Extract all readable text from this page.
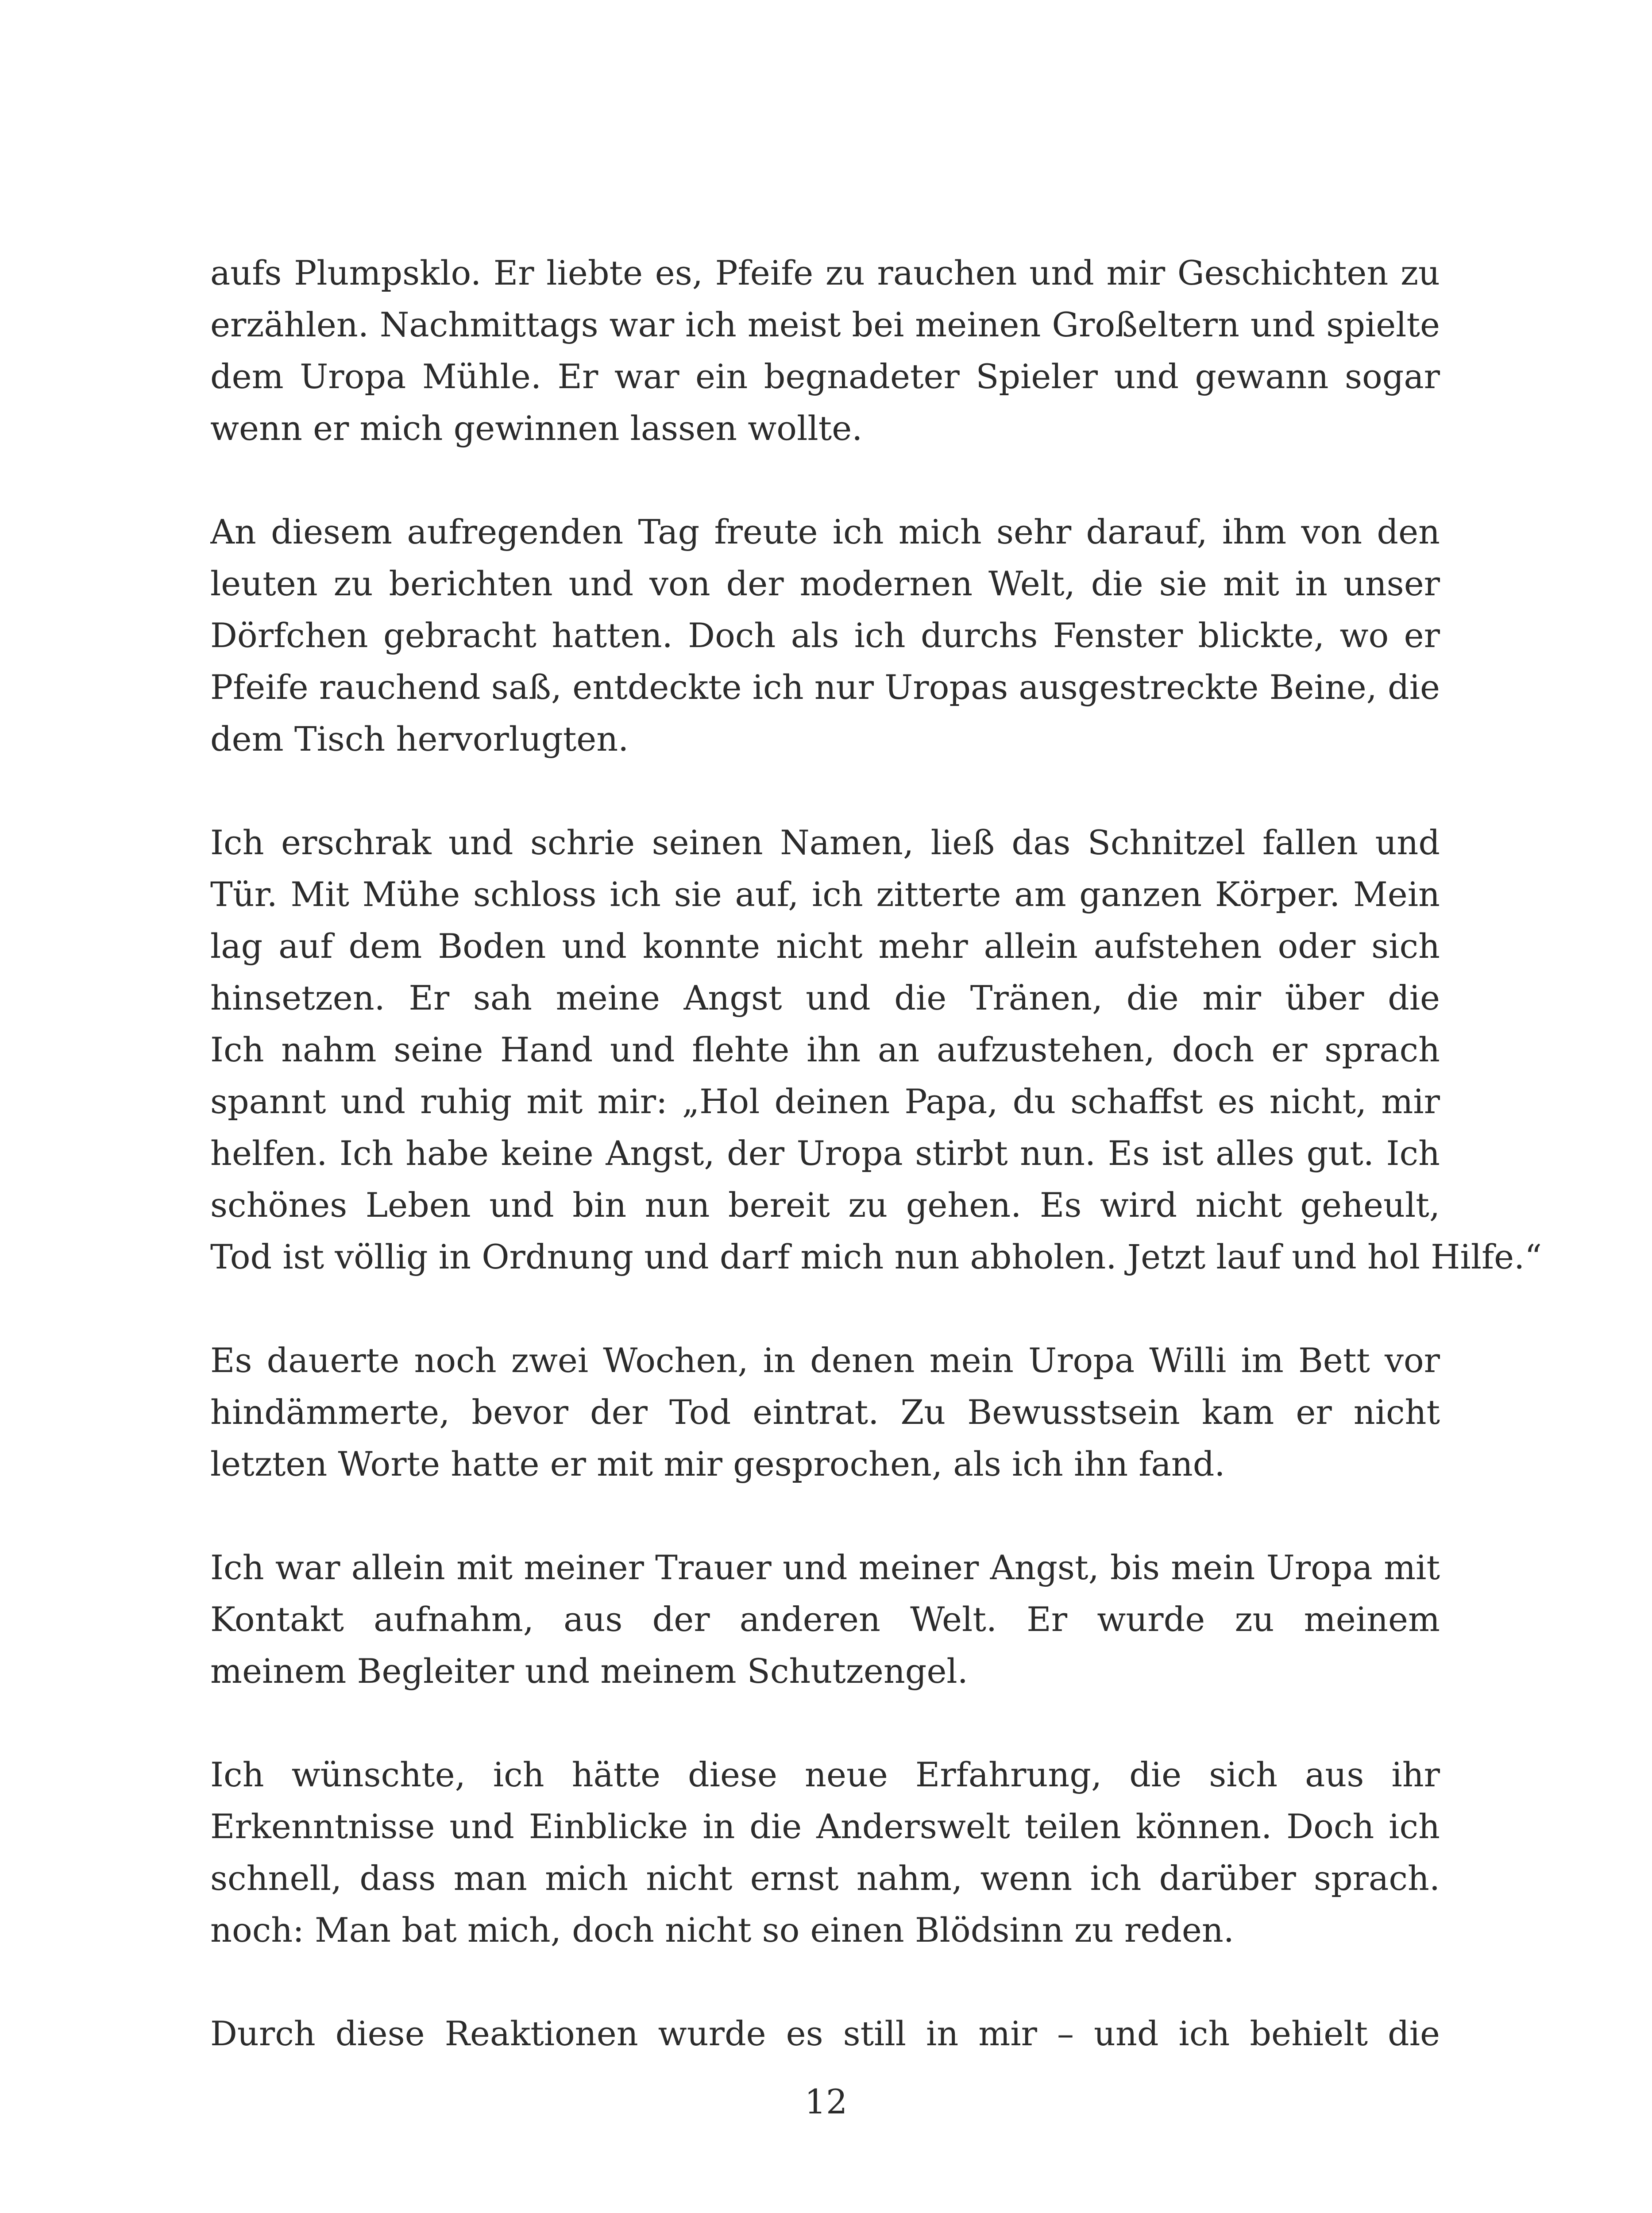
aufs Plumpsklo. Er liebte es, Pfeife zu rauchen und mir Geschichten zu
erzählen. Nachmittags war ich meist bei meinen Großeltern und spielte
dem Uropa Mühle. Er war ein begnadeter Spieler und gewann sogar
wenn er mich gewinnen lassen wollte.
An diesem aufregenden Tag freute ich mich sehr darauf, ihm von den
leuten zu berichten und von der modernen Welt, die sie mit in unser
Dörfchen gebracht hatten. Doch als ich durchs Fenster blickte, wo er
Pfeife rauchend saß, entdeckte ich nur Uropas ausgestreckte Beine, die
dem Tisch hervorlugten.
Ich erschrak und schrie seinen Namen, ließ das Schnitzel fallen und
Tür. Mit Mühe schloss ich sie auf, ich zitterte am ganzen Körper. Mein
lag auf dem Boden und konnte nicht mehr allein aufstehen oder sich
hinsetzen. Er sah meine Angst und die Tränen, die mir über die
Ich nahm seine Hand und flehte ihn an aufzustehen, doch er sprach
spannt und ruhig mit mir: „Hol deinen Papa, du schaffst es nicht, mir
helfen. Ich habe keine Angst, der Uropa stirbt nun. Es ist alles gut. Ich
schönes Leben und bin nun bereit zu gehen. Es wird nicht geheult,
Tod ist völlig in Ordnung und darf mich nun abholen. Jetzt lauf und hol Hilfe.“
Es dauerte noch zwei Wochen, in denen mein Uropa Willi im Bett vor
hindämmerte, bevor der Tod eintrat. Zu Bewusstsein kam er nicht
letzten Worte hatte er mit mir gesprochen, als ich ihn fand.
Ich war allein mit meiner Trauer und meiner Angst, bis mein Uropa mit
Kontakt aufnahm, aus der anderen Welt. Er wurde zu meinem
meinem Begleiter und meinem Schutzengel.
Ich wünschte, ich hätte diese neue Erfahrung, die sich aus ihr
Erkenntnisse und Einblicke in die Anderswelt teilen können. Doch ich
schnell, dass man mich nicht ernst nahm, wenn ich darüber sprach.
noch: Man bat mich, doch nicht so einen Blödsinn zu reden.
Durch diese Reaktionen wurde es still in mir – und ich behielt die
12
